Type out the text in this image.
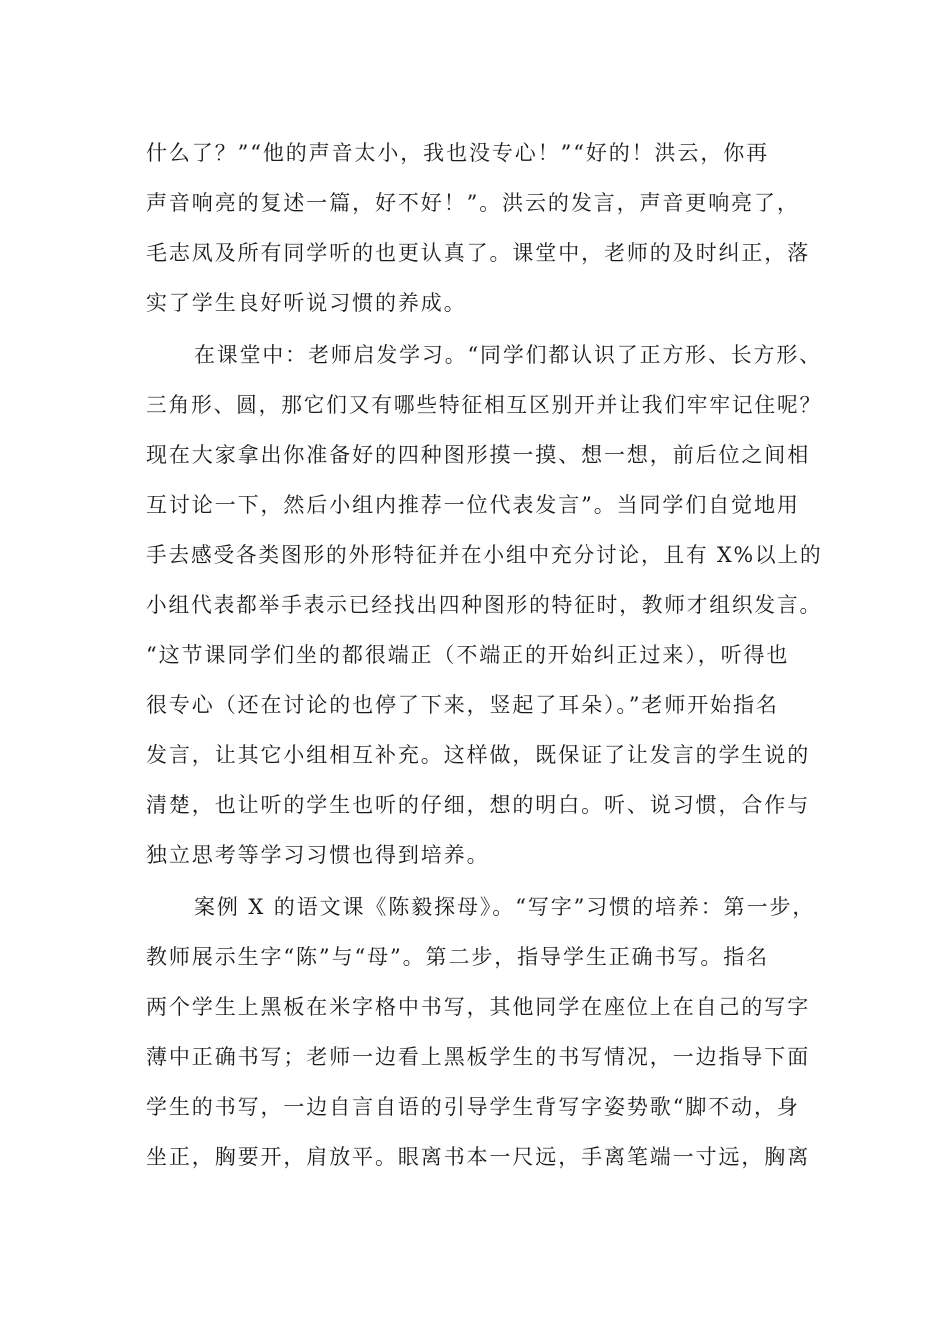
什么了？”“他的声音太小，我也没专心！”“好的！洪云，你再
声音响亮的复述一篇，好不好！”。洪云的发言，声音更响亮了，
毛志凤及所有同学听的也更认真了。课堂中，老师的及时纠正，落
实了学生良好听说习惯的养成。
在课堂中：老师启发学习。“同学们都认识了正方形、长方形、
三角形、圆，那它们又有哪些特征相互区别开并让我们牢牢记住呢？
现在大家拿出你准备好的四种图形摸一摸、想一想，前后位之间相
互讨论一下，然后小组内推荐一位代表发言”。当同学们自觉地用
手去感受各类图形的外形特征并在小组中充分讨论，且有 X%以上的
小组代表都举手表示已经找出四种图形的特征时，教师才组织发言。
“这节课同学们坐的都很端正（不端正的开始纠正过来），听得也
很专心（还在讨论的也停了下来，竖起了耳朵）。”老师开始指名
发言，让其它小组相互补充。这样做，既保证了让发言的学生说的
清楚，也让听的学生也听的仔细，想的明白。听、说习惯，合作与
独立思考等学习习惯也得到培养。
案例 X 的语文课《陈毅探母》。“写字”习惯的培养：第一步，
教师展示生字“陈”与“母”。第二步，指导学生正确书写。指名
两个学生上黑板在米字格中书写，其他同学在座位上在自己的写字
薄中正确书写；老师一边看上黑板学生的书写情况，一边指导下面
学生的书写，一边自言自语的引导学生背写字姿势歌“脚不动，身
坐正，胸要开，肩放平。眼离书本一尺远，手离笔端一寸远，胸离
